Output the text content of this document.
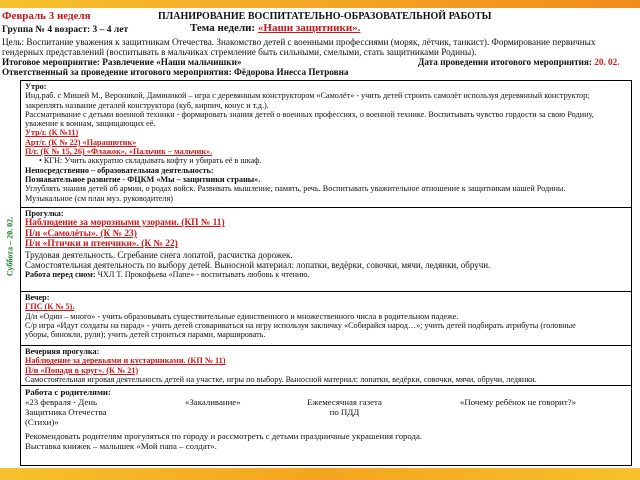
Февраль 3 неделя	ПЛАНИРОВАНИЕ ВОСПИТАТЕЛЬНО-ОБРАЗОВАТЕЛЬНОЙ РАБОТЫ
Группа № 4 возраст: 3 – 4 лет	Тема недели: «Наши защитники».
Цель: Воспитание уважения к защитникам Отечества. Знакомство детей с военными профессиями (моряк, лётчик, танкист). Формирование первичных
гендерных представлений (воспитывать в мальчиках стремление быть сильными, смелыми, стать защитниками Родины).
Итоговое мероприятие: Развлечение «Наши мальчишки»	Дата проведения итогового мероприятия: 20. 02.
Ответственный за проведение итогового мероприятия: Фёдорова Инесса Петровна
Суббота – 20. 02.
Утро:
Инд.раб. с Мишей М., Вероникой, Даминикой – игра с деревянным конструктором «Самолёт» - учить детей строить самолёт используя деревянный конструктор;
закреплять название деталей конструктора (куб, кирпич, конус и т.д.).
Рассматривание с детьми военной техники - формировать знания детей о военных профессиях, о военной технике. Воспитывать чувство гордости за свою Родину,
уважение к воинам, защищающих её.
Утр/г. (К №11)
Арт/г. (К № 22) «Парашютик»
П/г. (К № 15, 26) «Флажок», «Пальчик – мальчик».
• КГН: Учить аккуратно складывать кофту и убирать её в шкаф.
Непосредственно – образовательная деятельность:
Познавательное развитие - ФЦКМ «Мы – защитники страны».
Углублять знания детей об армии, о родах войск. Развивать мышление, память, речь. Воспитывать уважительное отношение к защитникам нашей Родины.
Музыкальное (см план муз. руководителя)
Прогулка:
Наблюдение за морозными узорами. (КП № 11)
П/и «Самолёты». (К № 23)
П/и «Птички и птенчики». (К № 22)
Трудовая деятельность. Сгребание снега лопатой, расчистка дорожек.
Самостоятельная деятельность по выбору детей. Выносной материал: лопатки, ведёрки, совочки, мячи, ледянки, обручи.
Работа перед сном: ЧХЛ Т. Прокофьева «Папе» - воспитывать любовь к чтению.
Вечер:
ГПС (К № 5).
Д/и «Один – много» - учить образовывать существительные единственного и множественного числа в родительном падеже.
С/р игра «Идут солдаты на парад» - учить детей сговариваться на игру используя закличку «Собирайся народ…»; учить детей подбирать атрибуты (головные
уборы, бинокли, рули); учить детей строиться парами, маршировать.
Вечерняя прогулка:
Наблюдение за деревьями и кустарниками. (КП № 11)
П/и «Попади в круг». (К № 21)
Самостоятельная игровая деятельность детей на участке, игры по выбору. Выносной материал: лопатки, ведёрки, совочки, мячи, обручи, ледянки.
Работа с родителями:
«23 февраля - День
Защитника Отечества
(Стихи)»
«Закаливание»	Ежемесячная газета
по ПДД
«Почему ребёнок не говорит?»
Рекомендовать родителям прогуляться по городу и рассмотреть с детьми праздничные украшения города.
Выставка книжек – малышек «Мой папа – солдат».
